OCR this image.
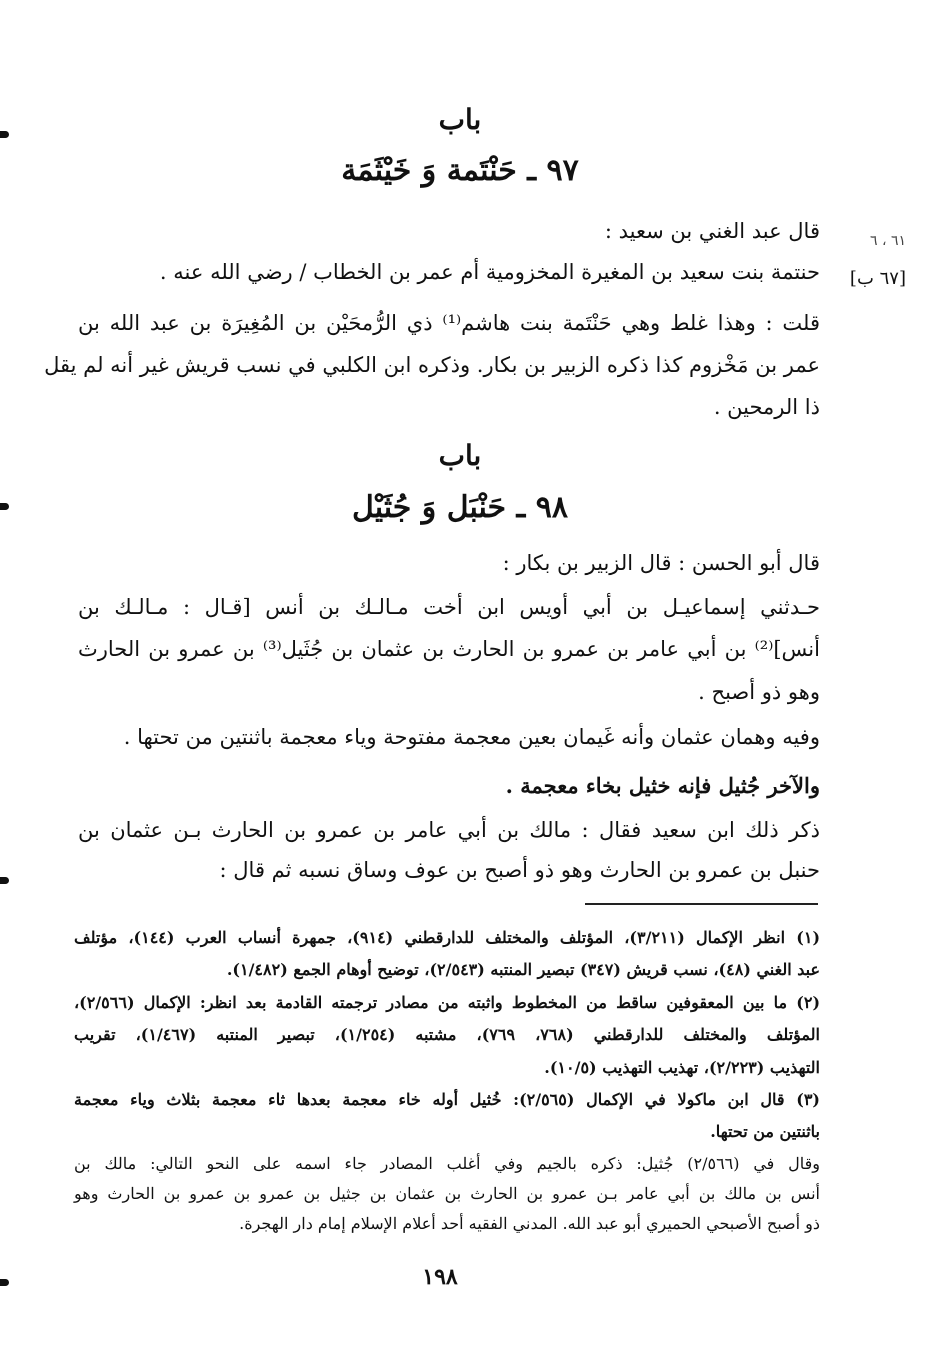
٦١ ، ٦
[٦٧ ب]
باب
٩٧ ـ حَنْتَمة وَ خَيْثَمَة
قال عبد الغني بن سعيد :
حنتمة بنت سعيد بن المغيرة المخزومية أم عمر بن الخطاب / رضي الله عنه .
قلت : وهذا غلط وهي حَنْتَمة بنت هاشم⁽¹⁾ ذي الرُّمحَيْن بن المُغِيرَة بن عبد الله بن
عمر بن مَخْزوم كذا ذكره الزبير بن بكار. وذكره ابن الكلبي في نسب قريش غير أنه لم يقل
ذا الرمحين .
باب
٩٨ ـ حَنْبَل وَ جُثَيْل
قال أبو الحسن : قال الزبير بن بكار :
حـدثني إسماعيـل بن أبي أويس ابن أخت مـالـك بن أنس [قـال : مـالـك بن
أنس]⁽²⁾ بن أبي عامر بن عمرو بن الحارث بن عثمان بن جُثَيل⁽³⁾ بن عمرو بن الحارث
وهو ذو أصبح .
وفيه وهمان عثمان وأنه غَيمان بعين معجمة مفتوحة وياء معجمة باثنتين من تحتها .
والآخر جُثيل فإنه خثيل بخاء معجمة .
ذكر ذلك ابن سعيد فقال : مالك بن أبي عامر بن عمرو بن الحارث بـن عثمان بن
حنبل بن عمرو بن الحارث وهو ذو أصبح بن عوف وساق نسبه ثم قال :
(١) انظر الإكمال (٣/٢١١)، المؤتلف والمختلف للدارقطني (٩١٤)، جمهرة أنساب العرب (١٤٤)، مؤتلف
عبد الغني (٤٨)، نسب قريش (٣٤٧) تبصير المنتبه (٢/٥٤٣)، توضيح أوهام الجمع (١/٤٨٢).
(٢) ما بين المعقوفين ساقط من المخطوط واثبته من مصادر ترجمته القادمة بعد انظر: الإكمال (٢/٥٦٦)،
المؤتلف والمختلف للدارقطني (٧٦٨، ٧٦٩)، مشتبه (١/٢٥٤)، تبصير المنتبه (١/٤٦٧)، تقريب
التهذيب (٢/٢٢٣)، تهذيب التهذيب (١٠/٥).
(٣) قال ابن ماكولا في الإكمال (٢/٥٦٥): خُثيل أوله خاء معجمة بعدها ثاء معجمة بثلاث وياء معجمة
باثنتين من تحتها.
وقال في (٢/٥٦٦) جُثيل: ذكره بالجيم وفي أغلب المصادر جاء اسمه على النحو التالي: مالك بن
أنس بن مالك بن أبي عامر بـن عمرو بن الحارث بن عثمان بن جثيل بن عمرو بن عمرو بن الحارث وهو
ذو أصبح الأصبحي الحميري أبو عبد الله. المدني الفقيه أحد أعلام الإسلام إمام دار الهجرة.
١٩٨
